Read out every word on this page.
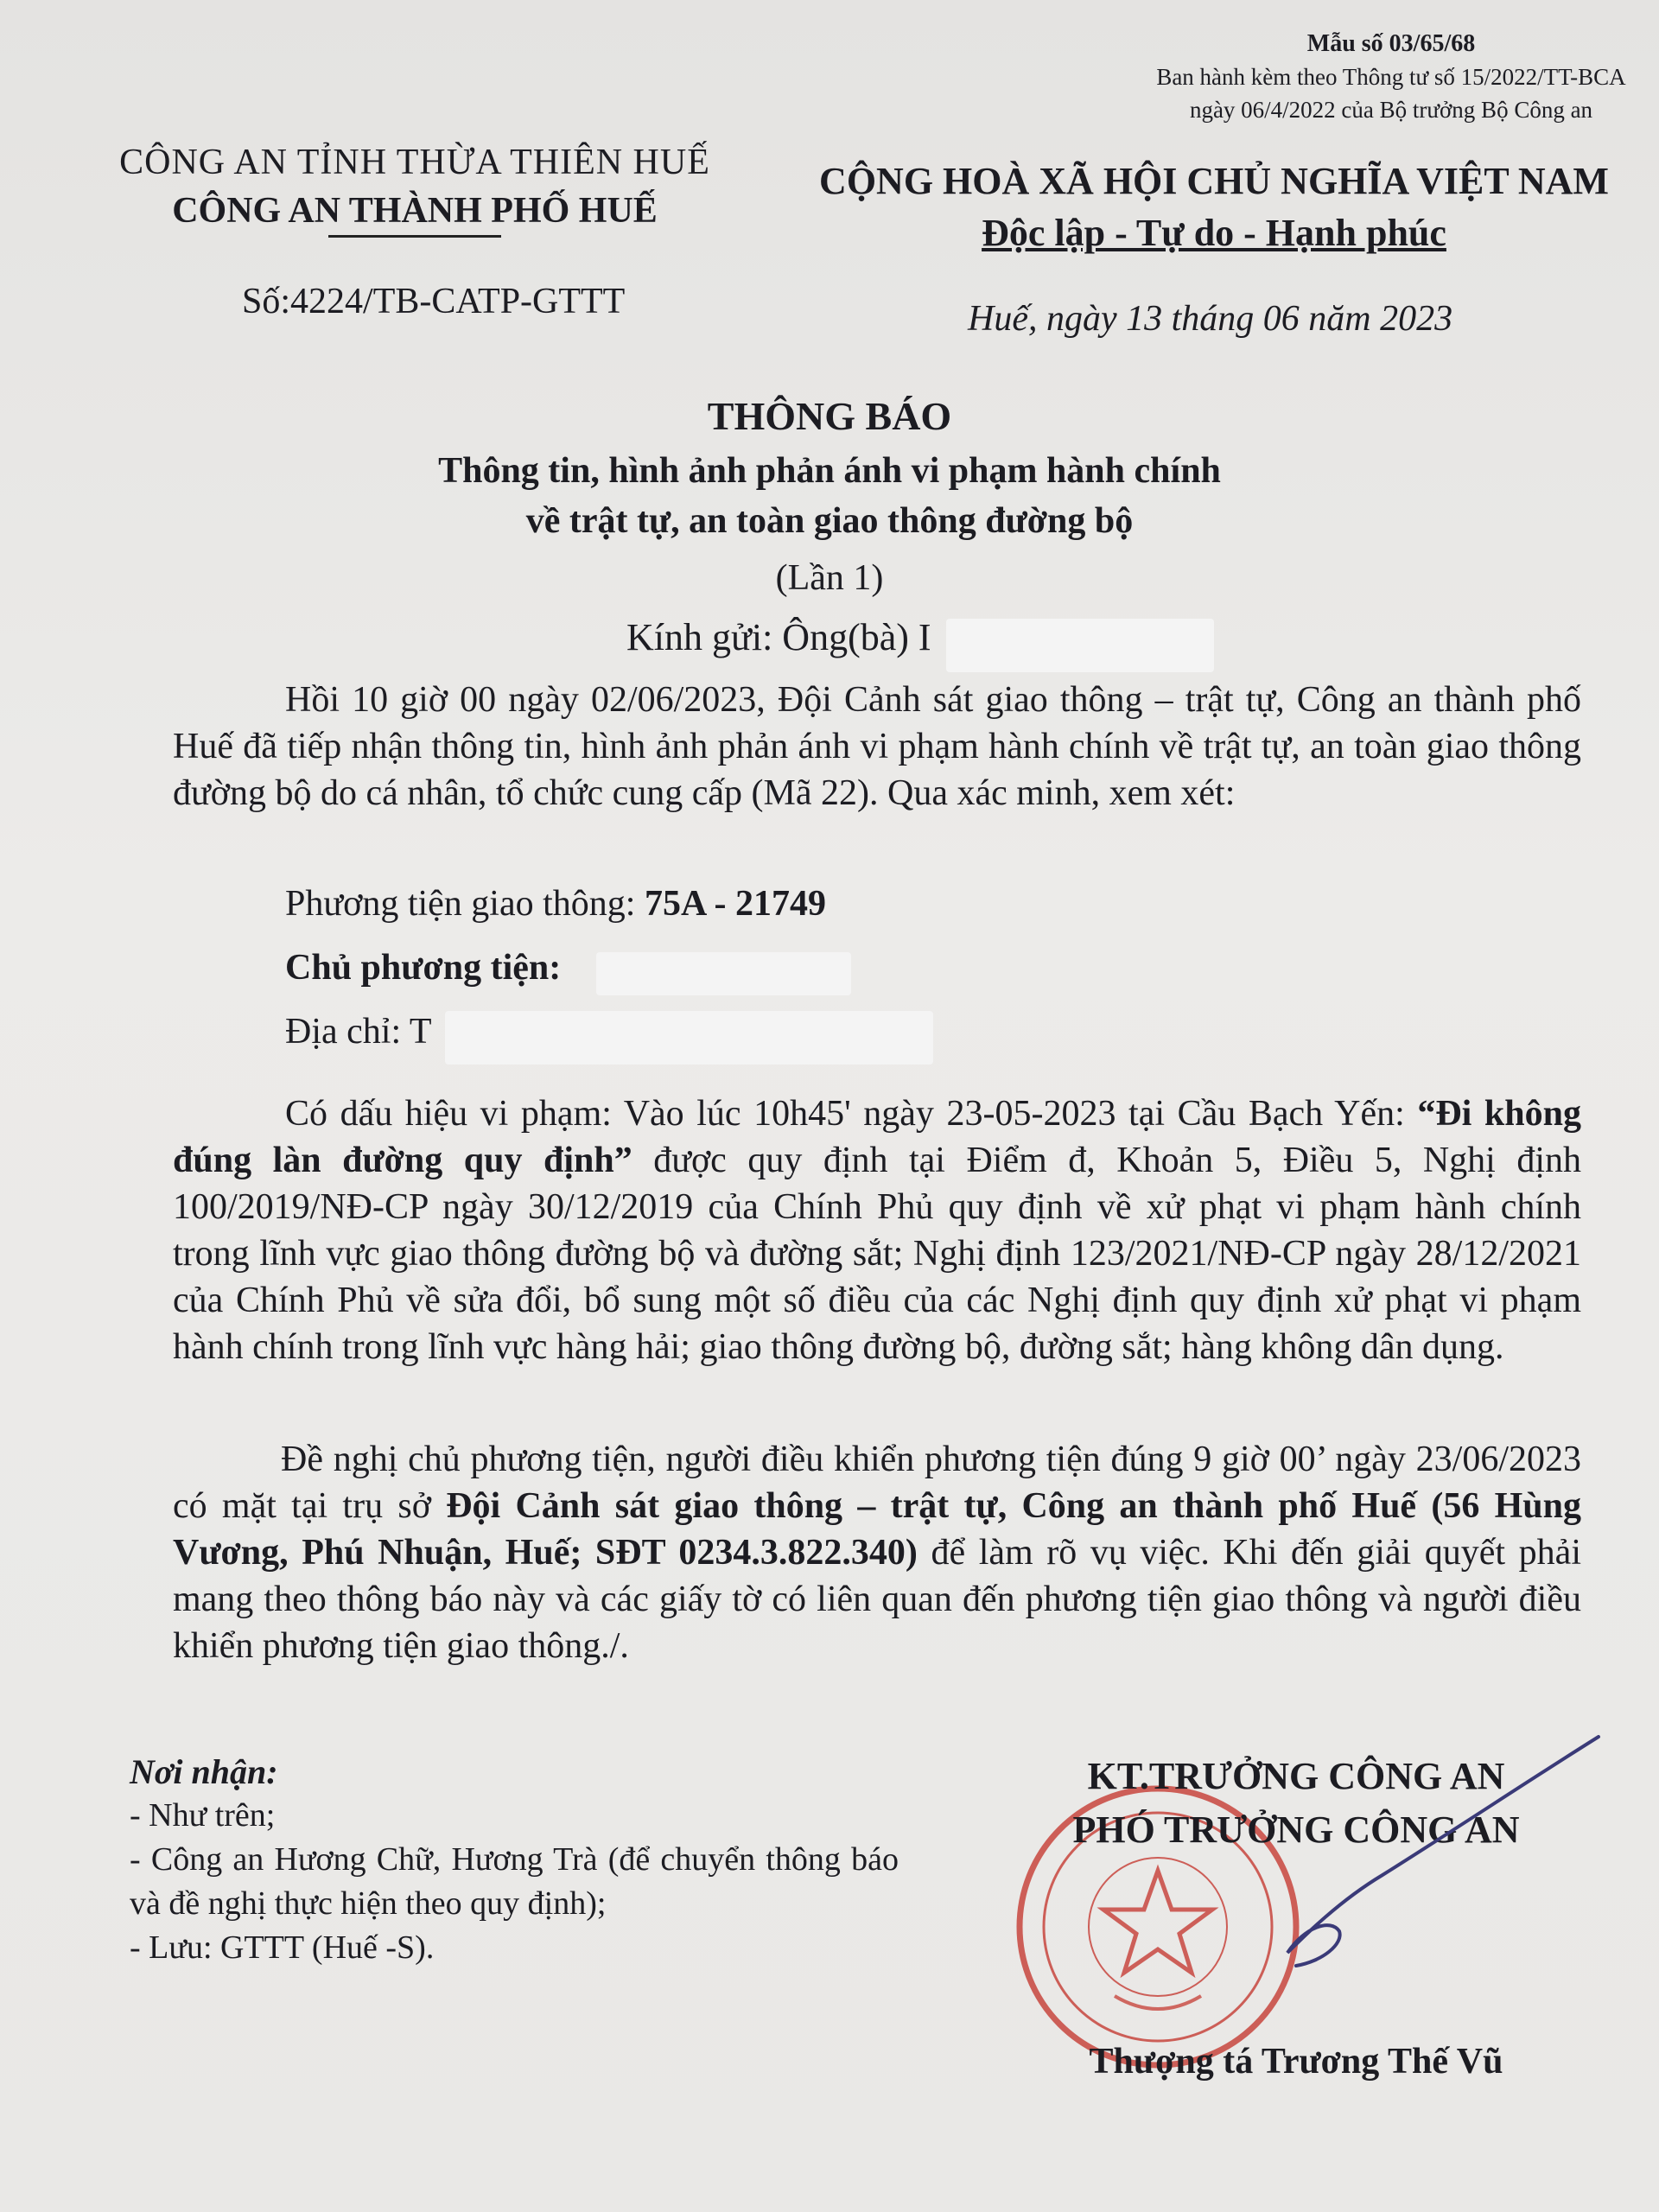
Mẫu số 03/65/68
Ban hành kèm theo Thông tư số 15/2022/TT-BCA
ngày 06/4/2022 của Bộ trưởng Bộ Công an
CÔNG AN TỈNH THỪA THIÊN HUẾ
CÔNG AN THÀNH PHỐ HUẾ
Số:4224/TB-CATP-GTTT
CỘNG HOÀ XÃ HỘI CHỦ NGHĨA VIỆT NAM
Độc lập - Tự do - Hạnh phúc
Huế, ngày 13 tháng 06 năm 2023
THÔNG BÁO
Thông tin, hình ảnh phản ánh vi phạm hành chính
về trật tự, an toàn giao thông đường bộ
(Lần 1)
Kính gửi: Ông(bà) I
Hồi 10 giờ 00 ngày 02/06/2023, Đội Cảnh sát giao thông – trật tự, Công an thành phố Huế đã tiếp nhận thông tin, hình ảnh phản ánh vi phạm hành chính về trật tự, an toàn giao thông đường bộ do cá nhân, tổ chức cung cấp (Mã 22). Qua xác minh, xem xét:
Phương tiện giao thông: 75A - 21749
Chủ phương tiện:
Địa chỉ: T
Có dấu hiệu vi phạm: Vào lúc 10h45' ngày 23-05-2023 tại Cầu Bạch Yến: “Đi không đúng làn đường quy định” được quy định tại Điểm đ, Khoản 5, Điều 5, Nghị định 100/2019/NĐ-CP ngày 30/12/2019 của Chính Phủ quy định về xử phạt vi phạm hành chính trong lĩnh vực giao thông đường bộ và đường sắt; Nghị định 123/2021/NĐ-CP ngày 28/12/2021 của Chính Phủ về sửa đổi, bổ sung một số điều của các Nghị định quy định xử phạt vi phạm hành chính trong lĩnh vực hàng hải; giao thông đường bộ, đường sắt; hàng không dân dụng.
Đề nghị chủ phương tiện, người điều khiển phương tiện đúng 9 giờ 00’ ngày 23/06/2023 có mặt tại trụ sở Đội Cảnh sát giao thông – trật tự, Công an thành phố Huế (56 Hùng Vương, Phú Nhuận, Huế; SĐT 0234.3.822.340) để làm rõ vụ việc. Khi đến giải quyết phải mang theo thông báo này và các giấy tờ có liên quan đến phương tiện giao thông và người điều khiển phương tiện giao thông./.
Nơi nhận:
- Như trên;
- Công an Hương Chữ, Hương Trà (để chuyển thông báo và đề nghị thực hiện theo quy định);
- Lưu: GTTT (Huế -S).
KT.TRƯỞNG CÔNG AN
PHÓ TRƯỞNG CÔNG AN
Thượng tá Trương Thế Vũ
